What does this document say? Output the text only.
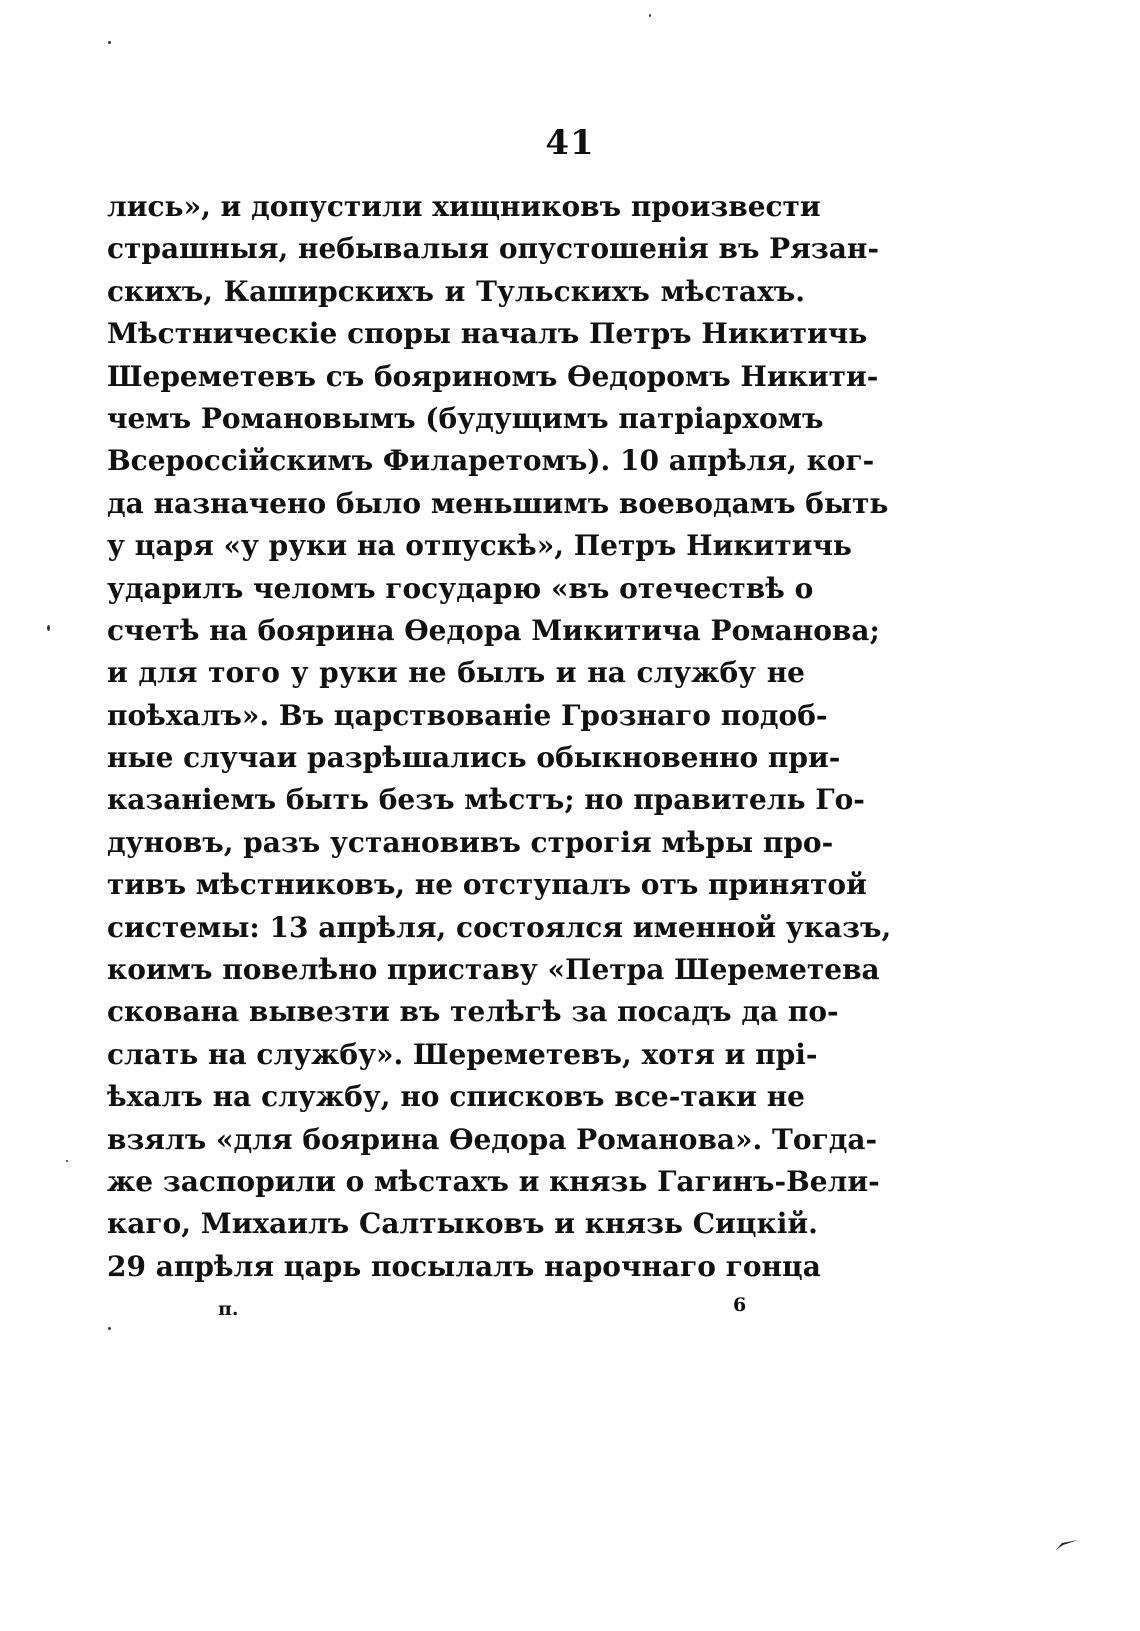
41
лись», и допустили хищниковъ произвести
страшныя, небывалыя опустошенія въ Рязан-
скихъ, Каширскихъ и Тульскихъ мѣстахъ.
Мѣстническіе споры началъ Петръ Никитичь
Шереметевъ съ бояриномъ Ѳедоромъ Никити-
чемъ Романовымъ (будущимъ патріархомъ
Всероссійскимъ Филаретомъ). 10 апрѣля, ког-
да назначено было меньшимъ воеводамъ быть
у царя «у руки на отпускѣ», Петръ Никитичь
ударилъ челомъ государю «въ отечествѣ о
счетѣ на боярина Ѳедора Микитича Романова;
и для того у руки не былъ и на службу не
поѣхалъ». Въ царствованіе Грознаго подоб-
ные случаи разрѣшались обыкновенно при-
казаніемъ быть безъ мѣстъ; но правитель Го-
дуновъ, разъ установивъ строгія мѣры про-
тивъ мѣстниковъ, не отступалъ отъ принятой
системы: 13 апрѣля, состоялся именной указъ,
коимъ повелѣно приставу «Петра Шереметева
скована вывезти въ телѣгѣ за посадъ да по-
слать на службу». Шереметевъ, хотя и прі-
ѣхалъ на службу, но списковъ все-таки не
взялъ «для боярина Ѳедора Романова». Тогда-
же заспорили о мѣстахъ и князь Гагинъ-Вели-
каго, Михаилъ Салтыковъ и князь Сицкій.
29 апрѣля царь посылалъ нарочнаго гонца
п.	6
